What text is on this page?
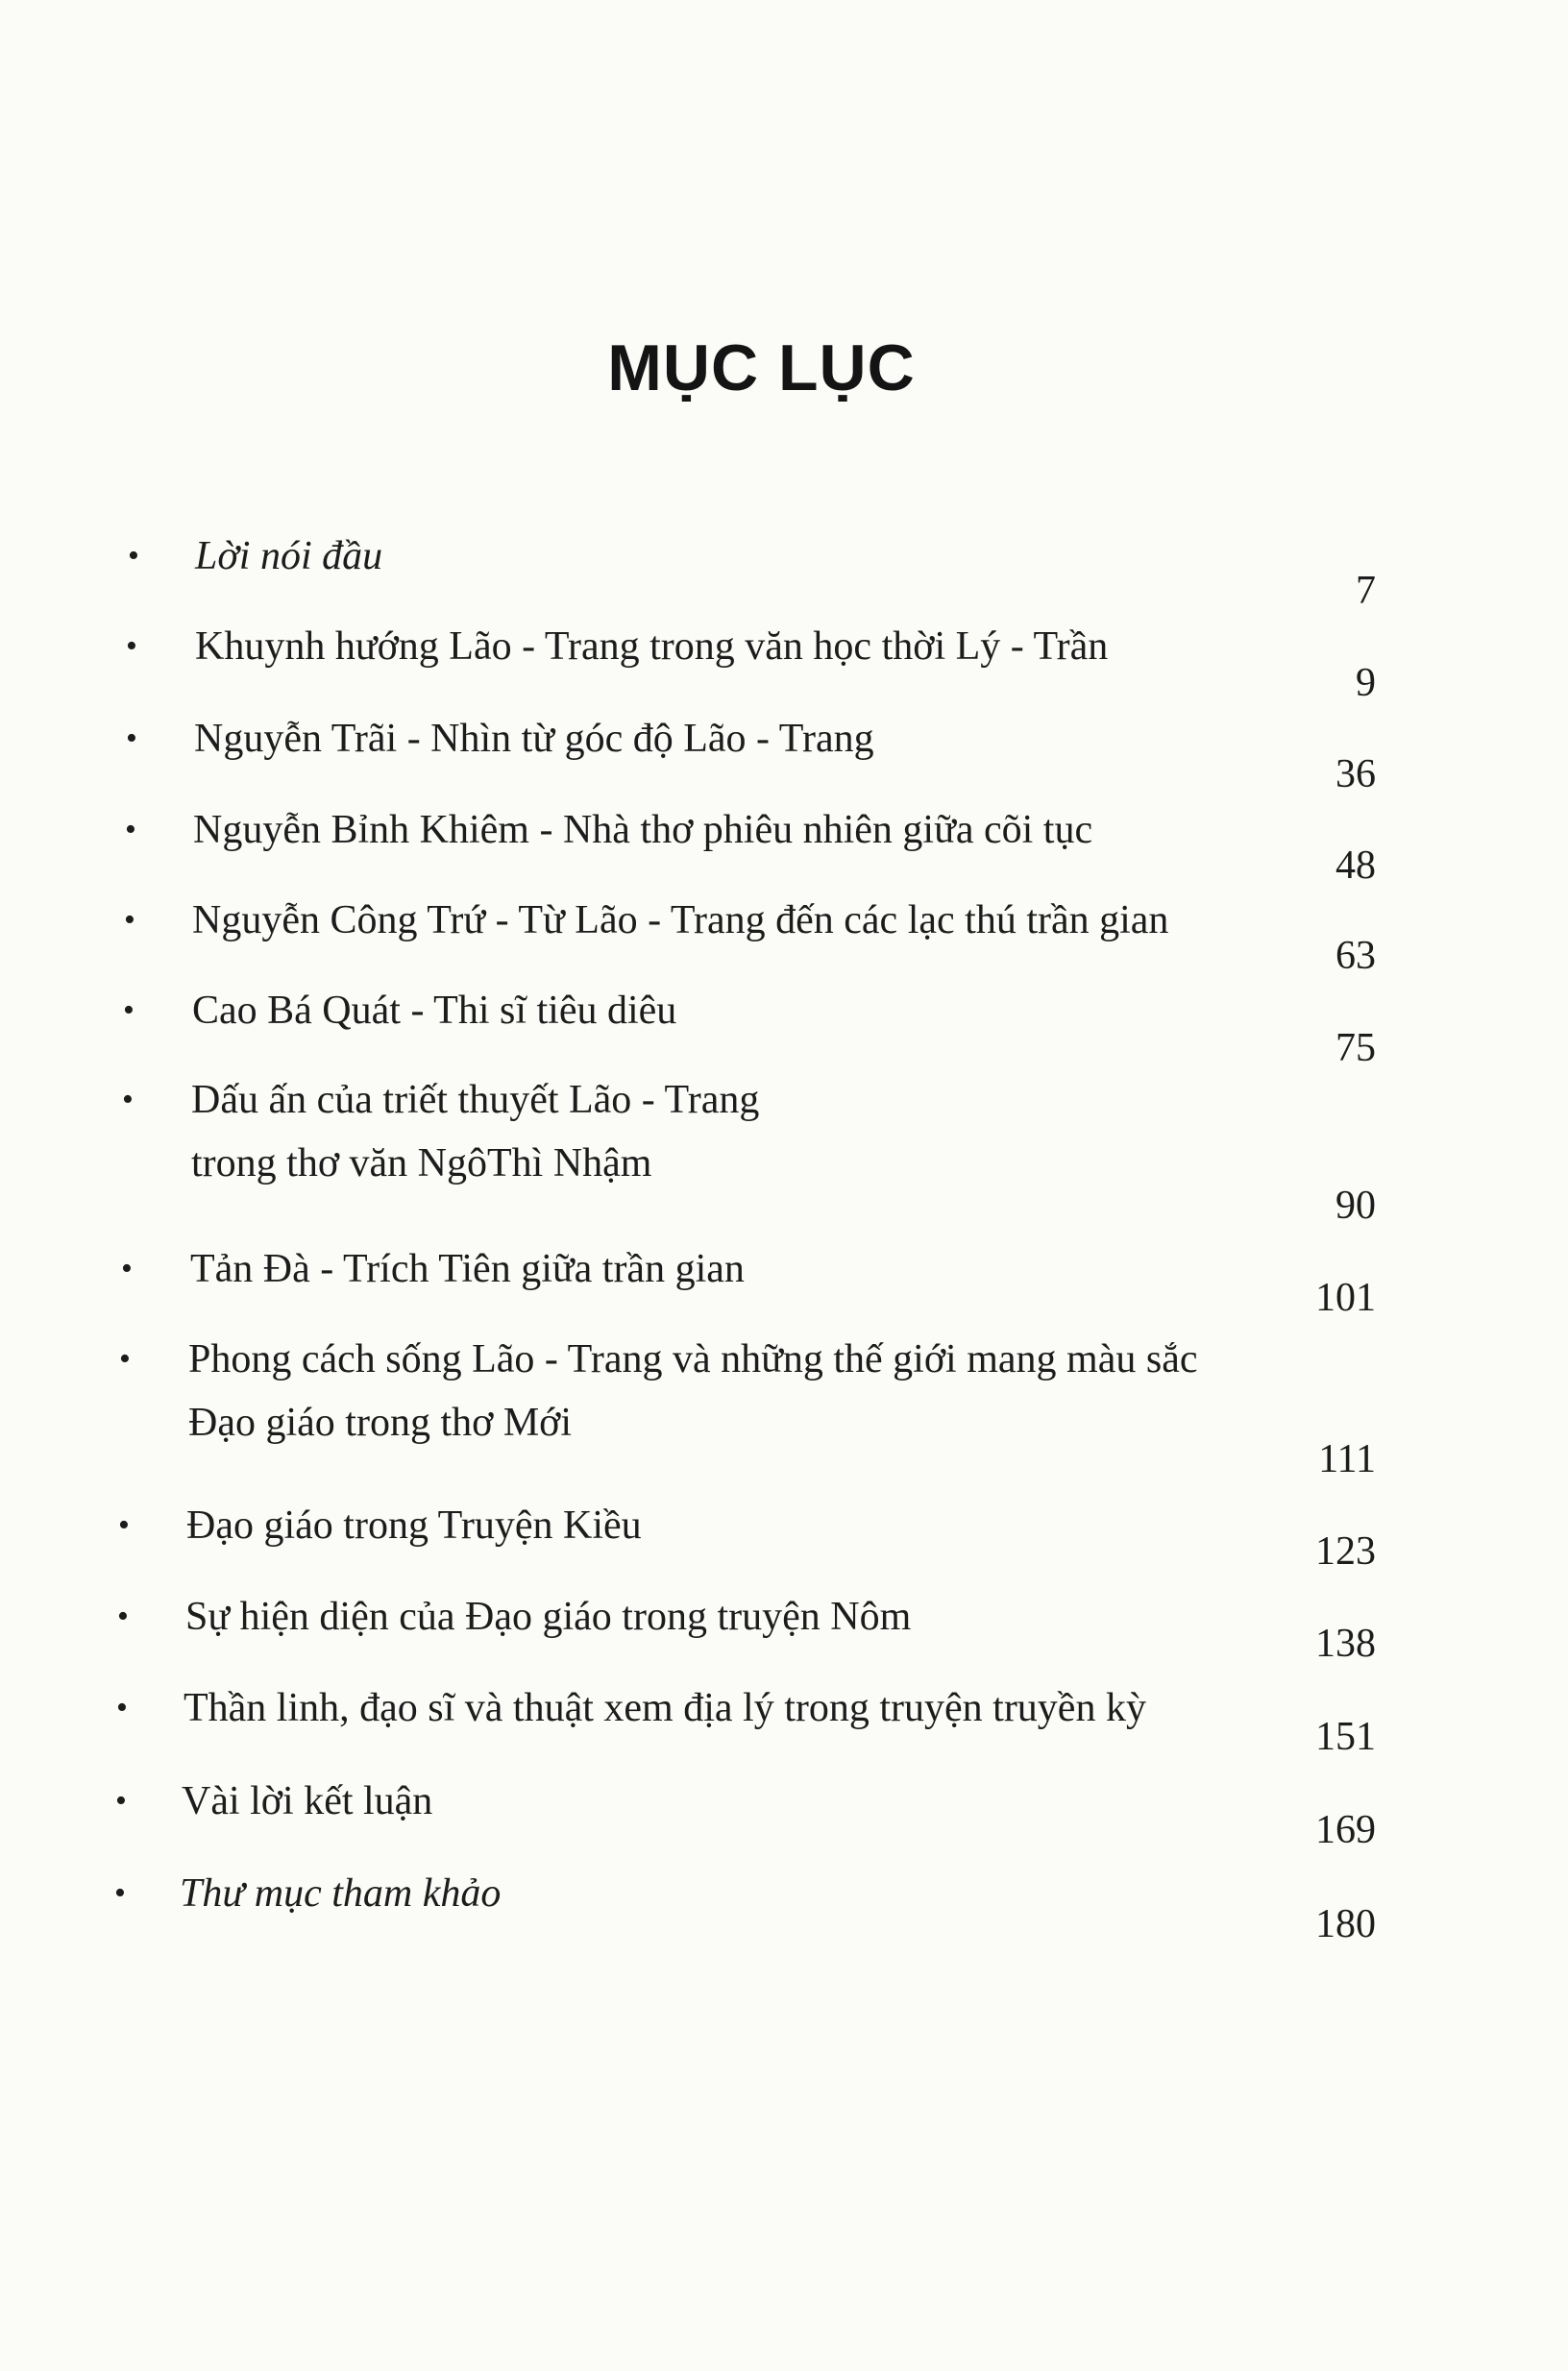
MỤC LỤC
• Lời nói đầu
7
• Khuynh hướng Lão - Trang trong văn học thời Lý - Trần
9
• Nguyễn Trãi - Nhìn từ góc độ Lão - Trang
36
• Nguyễn Bỉnh Khiêm - Nhà thơ phiêu nhiên giữa cõi tục
48
• Nguyễn Công Trứ - Từ Lão - Trang đến các lạc thú trần gian
63
• Cao Bá Quát - Thi sĩ tiêu diêu
75
• Dấu ấn của triết thuyết Lão - Trang
trong thơ văn NgôThì Nhậm
90
• Tản Đà - Trích Tiên giữa trần gian
101
• Phong cách sống Lão - Trang và những thế giới mang màu sắc
Đạo giáo trong thơ Mới
111
• Đạo giáo trong Truyện Kiều
123
• Sự hiện diện của Đạo giáo trong truyện Nôm
138
• Thần linh, đạo sĩ và thuật xem địa lý trong truyện truyền kỳ
151
• Vài lời kết luận
169
• Thư mục tham khảo
180
